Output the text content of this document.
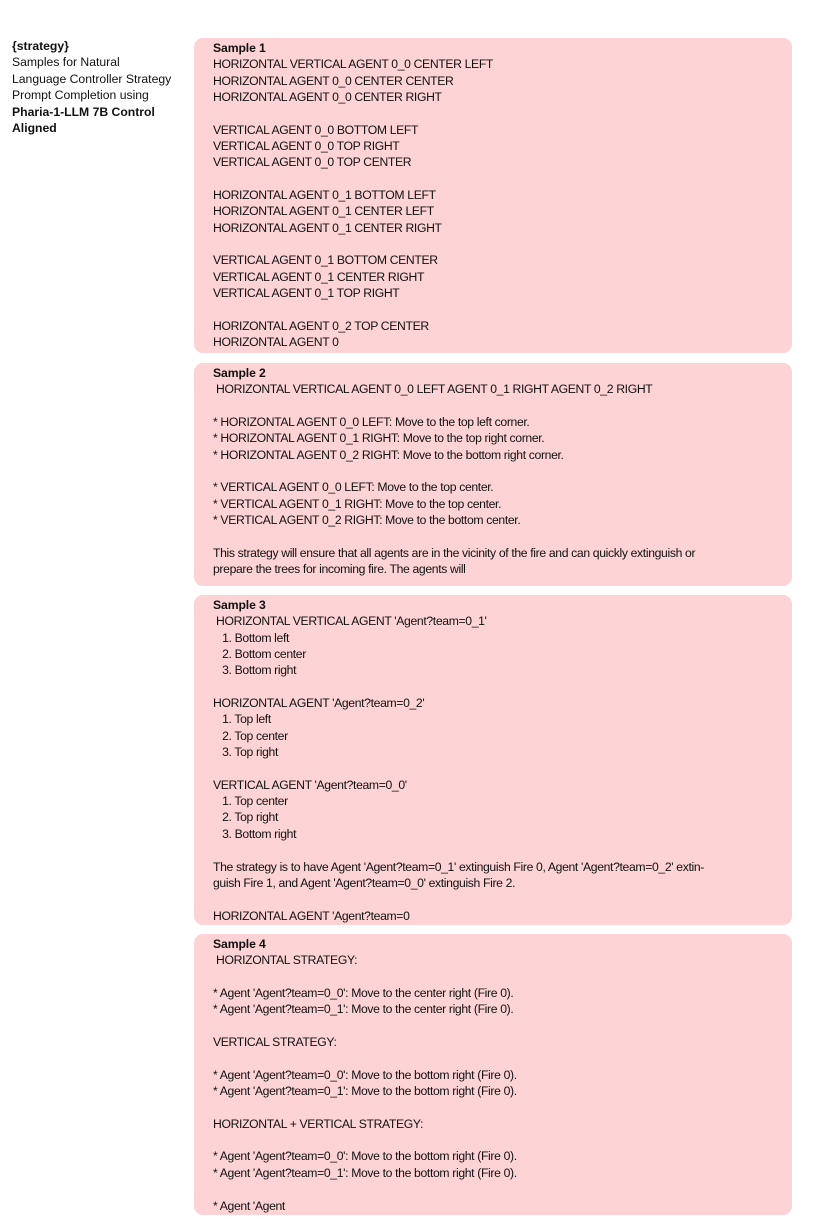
{strategy}
Samples for Natural
Language Controller Strategy
Prompt Completion using
Pharia-1-LLM 7B Control
Aligned
Sample 1
HORIZONTAL VERTICAL AGENT 0_0 CENTER LEFT
HORIZONTAL AGENT 0_0 CENTER CENTER
HORIZONTAL AGENT 0_0 CENTER RIGHT
VERTICAL AGENT 0_0 BOTTOM LEFT
VERTICAL AGENT 0_0 TOP RIGHT
VERTICAL AGENT 0_0 TOP CENTER
HORIZONTAL AGENT 0_1 BOTTOM LEFT
HORIZONTAL AGENT 0_1 CENTER LEFT
HORIZONTAL AGENT 0_1 CENTER RIGHT
VERTICAL AGENT 0_1 BOTTOM CENTER
VERTICAL AGENT 0_1 CENTER RIGHT
VERTICAL AGENT 0_1 TOP RIGHT
HORIZONTAL AGENT 0_2 TOP CENTER
HORIZONTAL AGENT 0
Sample 2
HORIZONTAL VERTICAL AGENT 0_0 LEFT AGENT 0_1 RIGHT AGENT 0_2 RIGHT
* HORIZONTAL AGENT 0_0 LEFT: Move to the top left corner.
* HORIZONTAL AGENT 0_1 RIGHT: Move to the top right corner.
* HORIZONTAL AGENT 0_2 RIGHT: Move to the bottom right corner.
* VERTICAL AGENT 0_0 LEFT: Move to the top center.
* VERTICAL AGENT 0_1 RIGHT: Move to the top center.
* VERTICAL AGENT 0_2 RIGHT: Move to the bottom center.
This strategy will ensure that all agents are in the vicinity of the fire and can quickly extinguish or
prepare the trees for incoming fire. The agents will
Sample 3
HORIZONTAL VERTICAL AGENT 'Agent?team=0_1'
1. Bottom left
2. Bottom center
3. Bottom right
HORIZONTAL AGENT 'Agent?team=0_2'
1. Top left
2. Top center
3. Top right
VERTICAL AGENT 'Agent?team=0_0'
1. Top center
2. Top right
3. Bottom right
The strategy is to have Agent 'Agent?team=0_1' extinguish Fire 0, Agent 'Agent?team=0_2' extin-
guish Fire 1, and Agent 'Agent?team=0_0' extinguish Fire 2.
HORIZONTAL AGENT 'Agent?team=0
Sample 4
HORIZONTAL STRATEGY:
* Agent 'Agent?team=0_0': Move to the center right (Fire 0).
* Agent 'Agent?team=0_1': Move to the center right (Fire 0).
VERTICAL STRATEGY:
* Agent 'Agent?team=0_0': Move to the bottom right (Fire 0).
* Agent 'Agent?team=0_1': Move to the bottom right (Fire 0).
HORIZONTAL + VERTICAL STRATEGY:
* Agent 'Agent?team=0_0': Move to the bottom right (Fire 0).
* Agent 'Agent?team=0_1': Move to the bottom right (Fire 0).
* Agent 'Agent
